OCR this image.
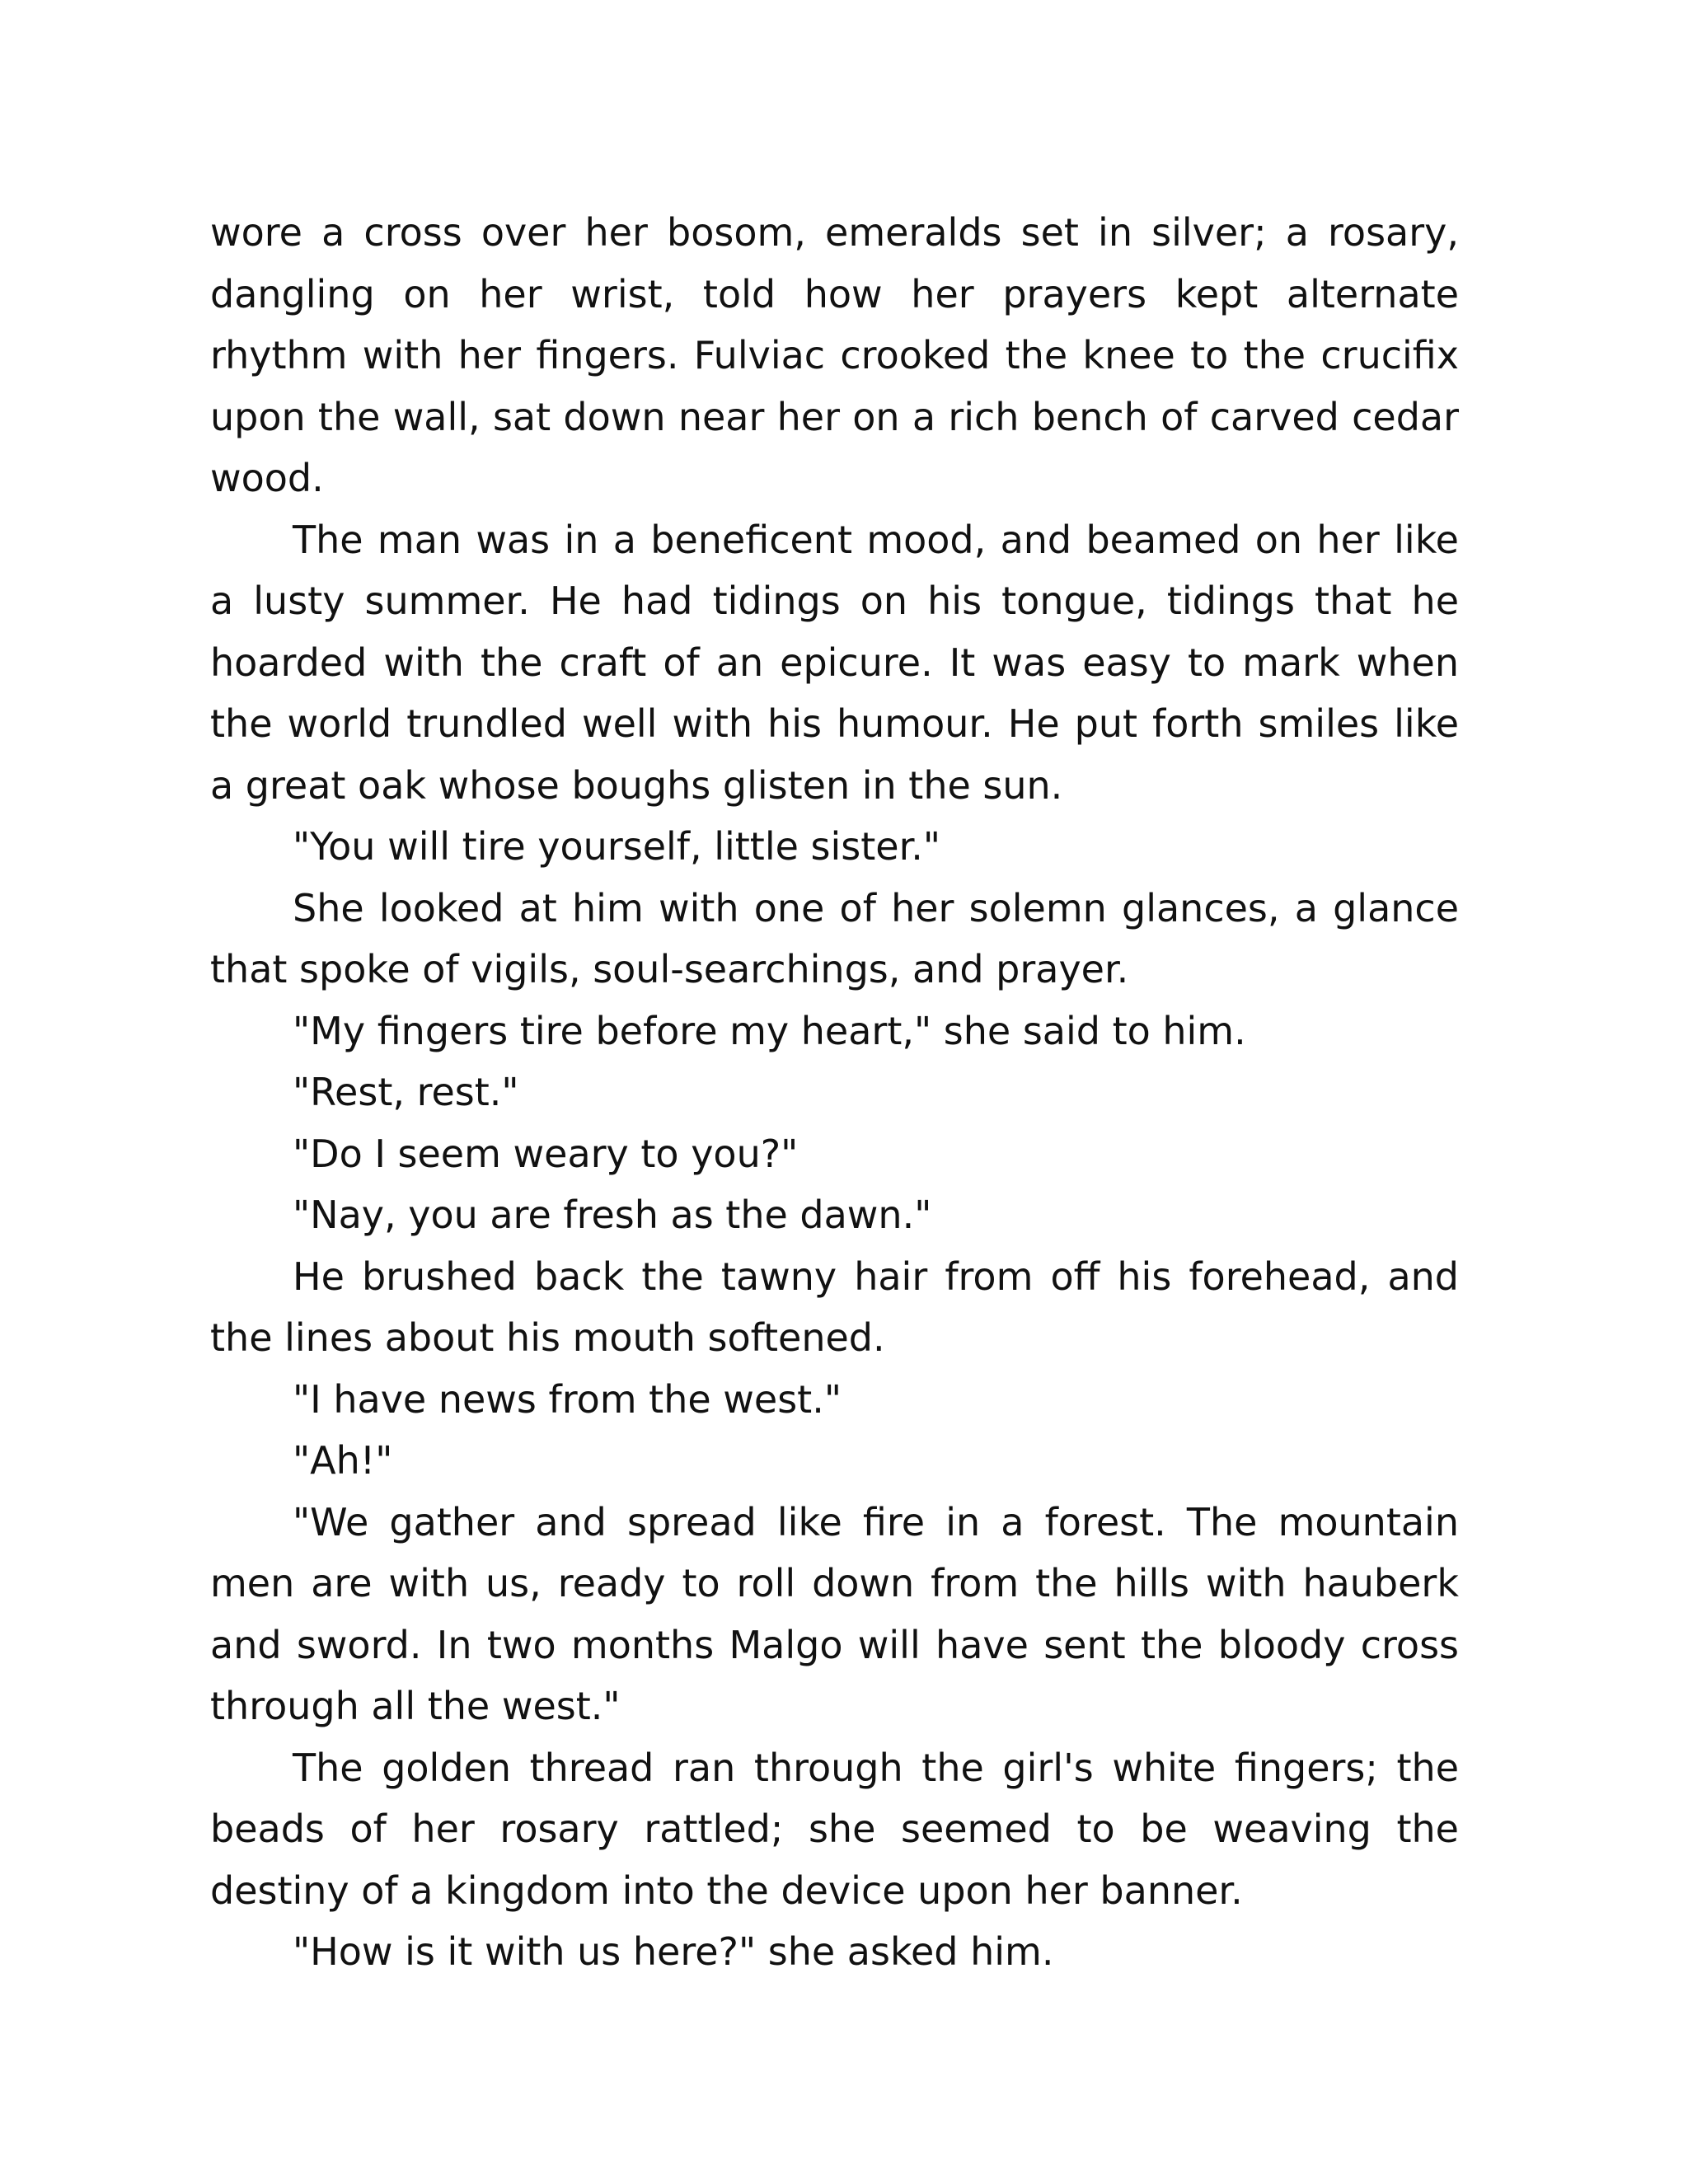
wore a cross over her bosom, emeralds set in silver; a rosary, dangling on her wrist, told how her prayers kept alternate rhythm with her fingers. Fulviac crooked the knee to the crucifix upon the wall, sat down near her on a rich bench of carved cedar wood.

The man was in a beneficent mood, and beamed on her like a lusty summer. He had tidings on his tongue, tidings that he hoarded with the craft of an epicure. It was easy to mark when the world trundled well with his humour. He put forth smiles like a great oak whose boughs glisten in the sun.

"You will tire yourself, little sister."

She looked at him with one of her solemn glances, a glance that spoke of vigils, soul-searchings, and prayer.

"My fingers tire before my heart," she said to him.

"Rest, rest."

"Do I seem weary to you?"

"Nay, you are fresh as the dawn."

He brushed back the tawny hair from off his forehead, and the lines about his mouth softened.

"I have news from the west."

"Ah!"

"We gather and spread like fire in a forest. The mountain men are with us, ready to roll down from the hills with hauberk and sword. In two months Malgo will have sent the bloody cross through all the west."

The golden thread ran through the girl's white fingers; the beads of her rosary rattled; she seemed to be weaving the destiny of a kingdom into the device upon her banner.

"How is it with us here?" she asked him.
